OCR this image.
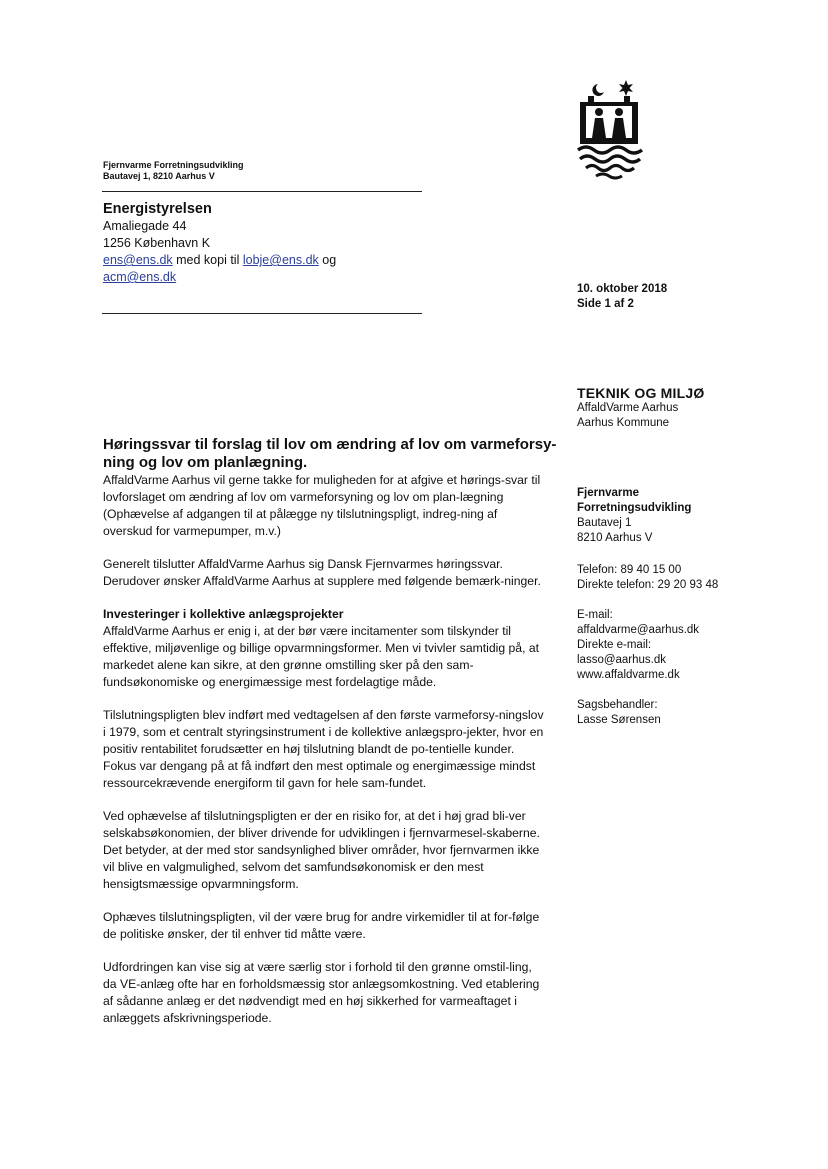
Fjernvarme Forretningsudvikling
Bautavej 1, 8210 Aarhus V
Energistyrelsen
Amaliegade 44
1256 København K
ens@ens.dk med kopi til lobje@ens.dk og
acm@ens.dk
10. oktober 2018
Side 1 af 2
TEKNIK OG MILJØ
AffaldVarme Aarhus
Aarhus Kommune
Fjernvarme
Forretningsudvikling
Bautavej 1
8210 Aarhus V
Telefon: 89 40 15 00
Direkte telefon: 29 20 93 48
E-mail:
affaldvarme@aarhus.dk
Direkte e-mail:
lasso@aarhus.dk
www.affaldvarme.dk
Sagsbehandler:
Lasse Sørensen
Høringssvar til forslag til lov om ændring af lov om varmeforsy-
ning og lov om planlægning.

AffaldVarme Aarhus vil gerne takke for muligheden for at afgive et hørings-svar til lovforslaget om ændring af lov om varmeforsyning og lov om plan-lægning (Ophævelse af adgangen til at pålægge ny tilslutningspligt, indreg-ning af overskud for varmepumper, m.v.)

Generelt tilslutter AffaldVarme Aarhus sig Dansk Fjernvarmes høringssvar. Derudover ønsker AffaldVarme Aarhus at supplere med følgende bemærk-ninger.

Investeringer i kollektive anlægsprojekter

AffaldVarme Aarhus er enig i, at der bør være incitamenter som tilskynder til effektive, miljøvenlige og billige opvarmningsformer. Men vi tvivler samtidig på, at markedet alene kan sikre, at den grønne omstilling sker på den sam-fundsøkonomiske og energimæssige mest fordelagtige måde.

Tilslutningspligten blev indført med vedtagelsen af den første varmeforsy-ningslov i 1979, som et centralt styringsinstrument i de kollektive anlægspro-jekter, hvor en positiv rentabilitet forudsætter en høj tilslutning blandt de po-tentielle kunder. Fokus var dengang på at få indført den mest optimale og energimæssige mindst ressourcekrævende energiform til gavn for hele sam-fundet.

Ved ophævelse af tilslutningspligten er der en risiko for, at det i høj grad bli-ver selskabsøkonomien, der bliver drivende for udviklingen i fjernvarmesel-skaberne. Det betyder, at der med stor sandsynlighed bliver områder, hvor fjernvarmen ikke vil blive en valgmulighed, selvom det samfundsøkonomisk er den mest hensigtsmæssige opvarmningsform.

Ophæves tilslutningspligten, vil der være brug for andre virkemidler til at for-følge de politiske ønsker, der til enhver tid måtte være.

Udfordringen kan vise sig at være særlig stor i forhold til den grønne omstil-ling, da VE-anlæg ofte har en forholdsmæssig stor anlægsomkostning. Ved etablering af sådanne anlæg er det nødvendigt med en høj sikkerhed for varmeaftaget i anlæggets afskrivningsperiode.
